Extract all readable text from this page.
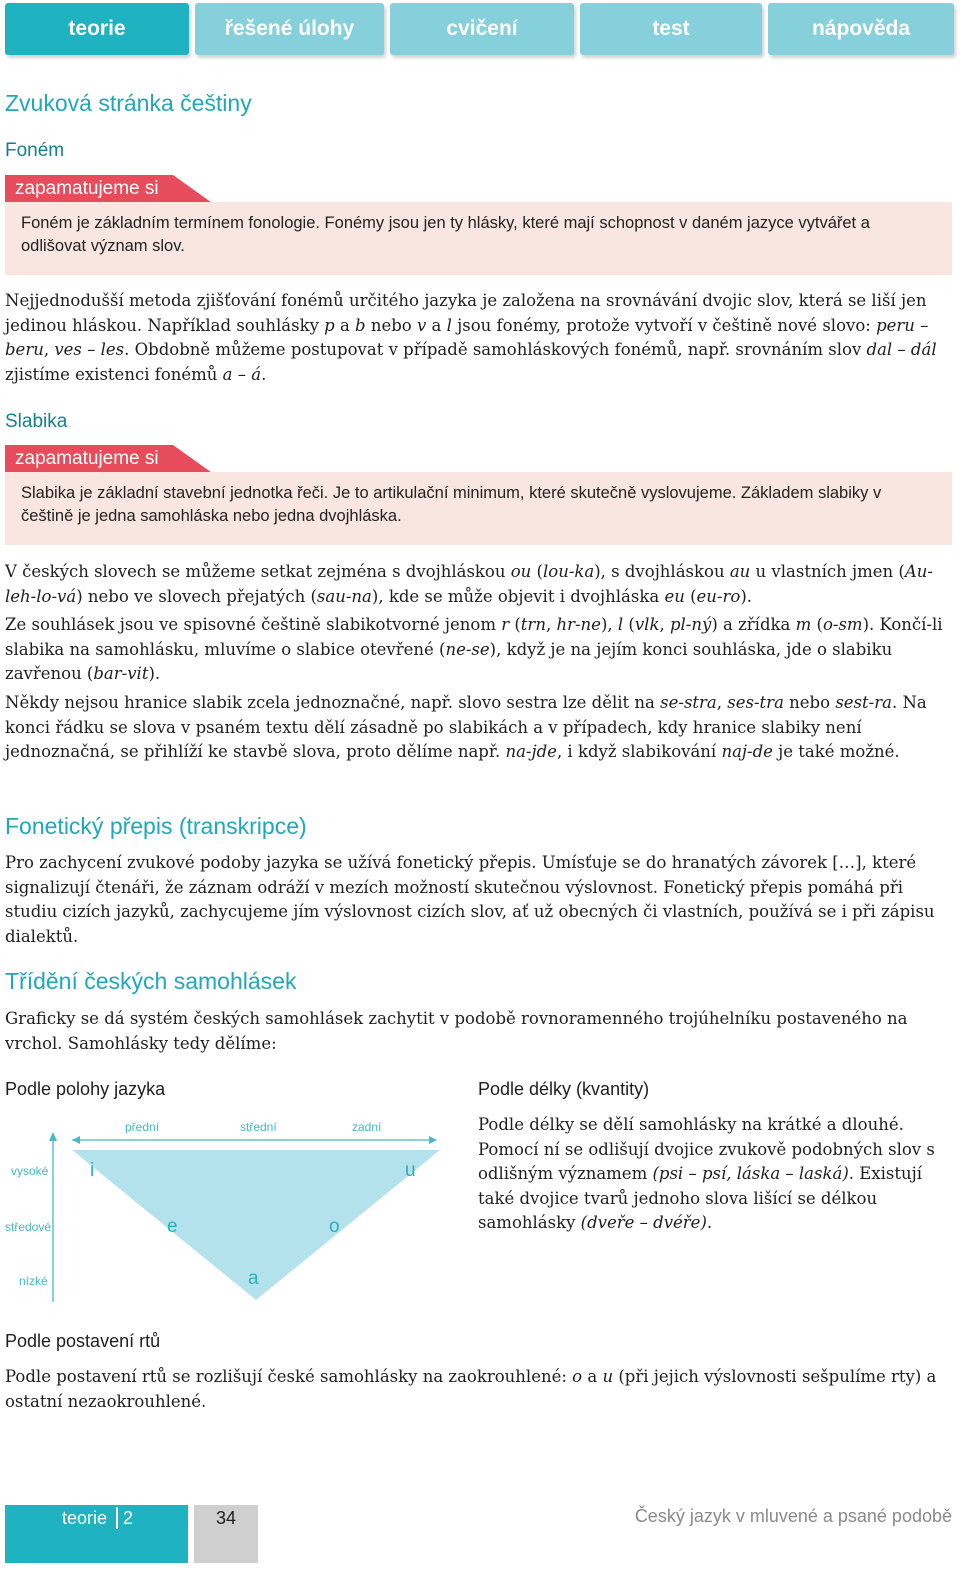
teorie	řešené úlohy	cvičení	test	nápověda
Zvuková stránka češtiny
Foném
zapamatujeme si
Foném je základním termínem fonologie. Fonémy jsou jen ty hlásky, které mají schopnost v daném jazyce vytvářet a odlišovat význam slov.
Nejjednodušší metoda zjišťování fonémů určitého jazyka je založena na srovnávání dvojic slov, která se liší jen jedinou hláskou. Například souhlásky p a b nebo v a l jsou fonémy, protože vytvoří v češtině nové slovo: peru – beru, ves – les. Obdobně můžeme postupovat v případě samohláskových fonémů, např. srovnáním slov dal – dál zjistíme existenci fonémů a – á.
Slabika
zapamatujeme si
Slabika je základní stavební jednotka řeči. Je to artikulační minimum, které skutečně vyslovujeme. Základem slabiky v češtině je jedna samohláska nebo jedna dvojhláska.
V českých slovech se můžeme setkat zejména s dvojhláskou ou (lou-ka), s dvojhláskou au u vlastních jmen (Au-leh-lo-vá) nebo ve slovech přejatých (sau-na), kde se může objevit i dvojhláska eu (eu-ro).
Ze souhlásek jsou ve spisovné češtině slabikotvorné jenom r (trn, hr-ne), l (vlk, pl-ný) a zřídka m (o-sm). Končí-li slabika na samohlásku, mluvíme o slabice otevřené (ne-se), když je na jejím konci souhláska, jde o slabiku zavřenou (bar-vit).
Někdy nejsou hranice slabik zcela jednoznačné, např. slovo sestra lze dělit na se-stra, ses-tra nebo sest-ra. Na konci řádku se slova v psaném textu dělí zásadně po slabikách a v případech, kdy hranice slabiky není jednoznačná, se přihlíží ke stavbě slova, proto dělíme např. na-jde, i když slabikování naj-de je také možné.
Fonetický přepis (transkripce)
Pro zachycení zvukové podoby jazyka se užívá fonetický přepis. Umísťuje se do hranatých závorek […], které signalizují čtenáři, že záznam odráží v mezích možností skutečnou výslovnost. Fonetický přepis pomáhá při studiu cizích jazyků, zachycujeme jím výslovnost cizích slov, ať už obecných či vlastních, používá se i při zápisu dialektů.
Třídění českých samohlásek
Graficky se dá systém českých samohlásek zachytit v podobě rovnoramenného trojúhelníku postaveného na vrchol. Samohlásky tedy dělíme:
Podle polohy jazyka
přední	střední	zadní
vysoké
středové
nízké
i	u
e	o
a
Podle délky (kvantity)
Podle délky se dělí samohlásky na krátké a dlouhé. Pomocí ní se odlišují dvojice zvukově podobných slov s odlišným významem (psi – psí, láska – laská). Existují také dvojice tvarů jednoho slova lišící se délkou samohlásky (dveře – dvéře).
Podle postavení rtů
Podle postavení rtů se rozlišují české samohlásky na zaokrouhlené: o a u (při jejich výslovnosti sešpulíme rty) a ostatní nezaokrouhlené.
teorie 2	34	Český jazyk v mluvené a psané podobě
